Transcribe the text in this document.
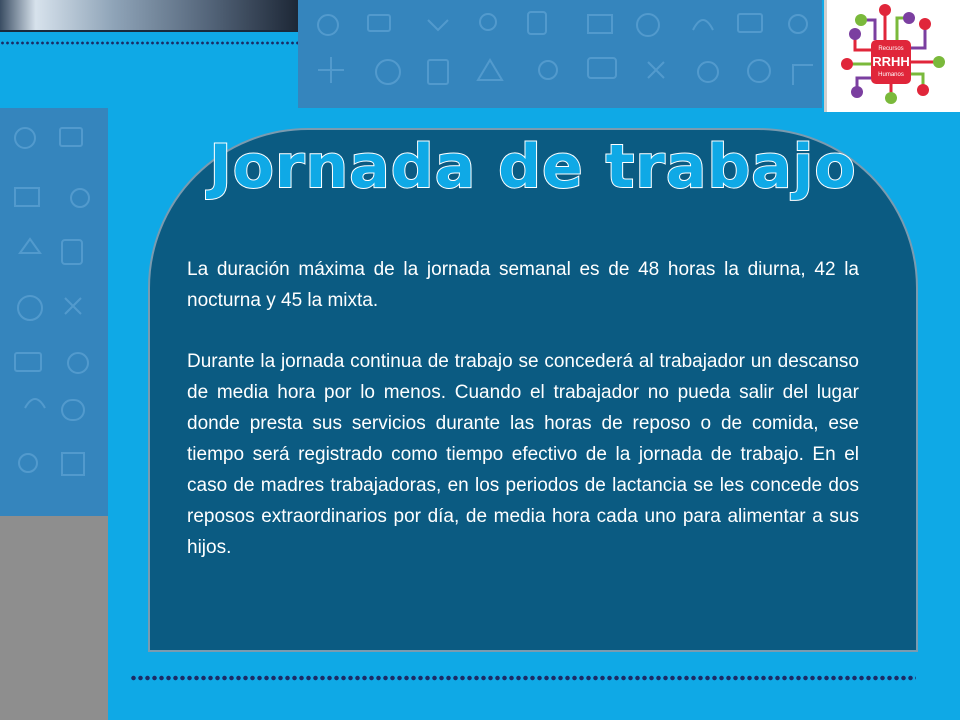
Recursos
RRHH
Humanos
Jornada de trabajo

La duración máxima de la jornada semanal es de 48 horas la diurna, 42 la nocturna y 45 la mixta.

Durante la jornada continua de trabajo se concederá al trabajador un descanso de media hora por lo menos. Cuando el trabajador no pueda salir del lugar donde presta sus servicios durante las horas de reposo o de comida, ese tiempo será registrado como tiempo efectivo de la jornada de trabajo. En el caso de madres trabajadoras, en los periodos de lactancia se les concede dos reposos extraordinarios por día, de media hora cada uno para alimentar a sus hijos.
